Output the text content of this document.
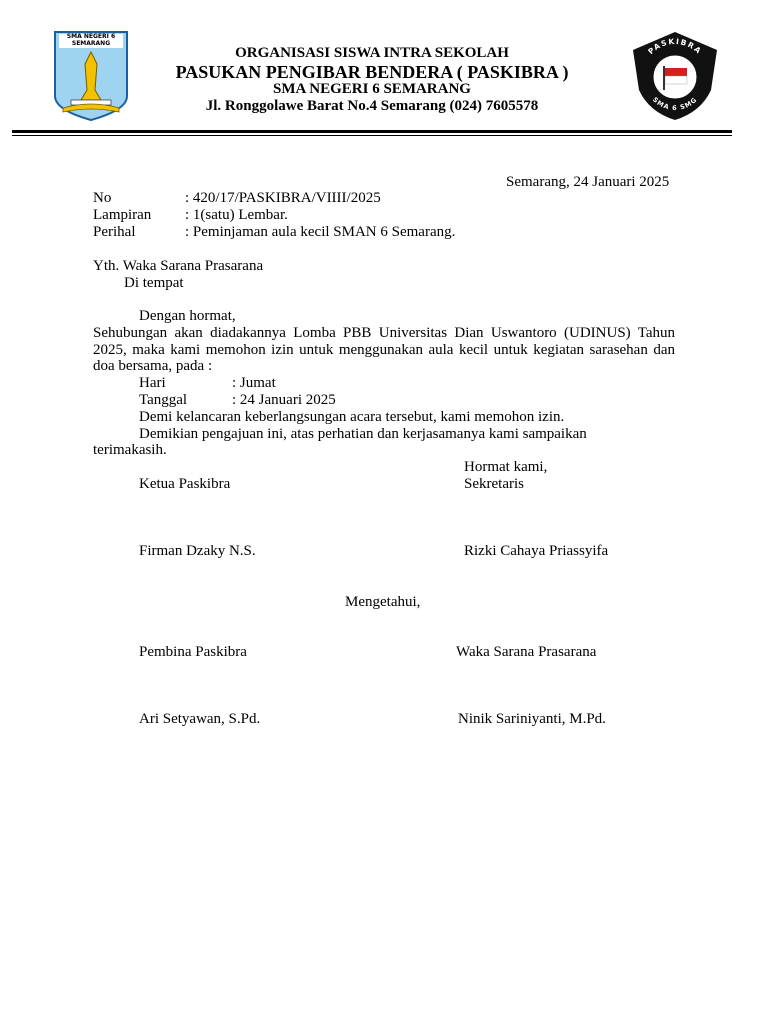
SMA NEGERI 6
SEMARANG
ORGANISASI SISWA INTRA SEKOLAH
PASUKAN PENGIBAR BENDERA ( PASKIBRA )
SMA NEGERI 6 SEMARANG
Jl. Ronggolawe Barat No.4 Semarang (024) 7605578
PASKIBRA
SMA 6 SMG
Semarang, 24 Januari 2025
No	: 420/17/PASKIBRA/VIIII/2025
Lampiran : 1(satu) Lembar.
Perihal	: Peminjaman aula kecil SMAN 6 Semarang.
Yth. Waka Sarana Prasarana
Di tempat
Dengan hormat,
Sehubungan akan diadakannya Lomba PBB Universitas Dian Uswantoro (UDINUS) Tahun
2025, maka kami memohon izin untuk menggunakan aula kecil untuk kegiatan sarasehan dan
doa bersama, pada :
Hari	: Jumat
Tanggal	: 24 Januari 2025
Demi kelancaran keberlangsungan acara tersebut, kami memohon izin.
Demikian pengajuan ini, atas perhatian dan kerjasamanya kami sampaikan
terimakasih.
Hormat kami,
Ketua Paskibra	Sekretaris
Firman Dzaky N.S.	Rizki Cahaya Priassyifa
Mengetahui,
Pembina Paskibra	Waka Sarana Prasarana
Ari Setyawan, S.Pd.	Ninik Sariniyanti, M.Pd.
